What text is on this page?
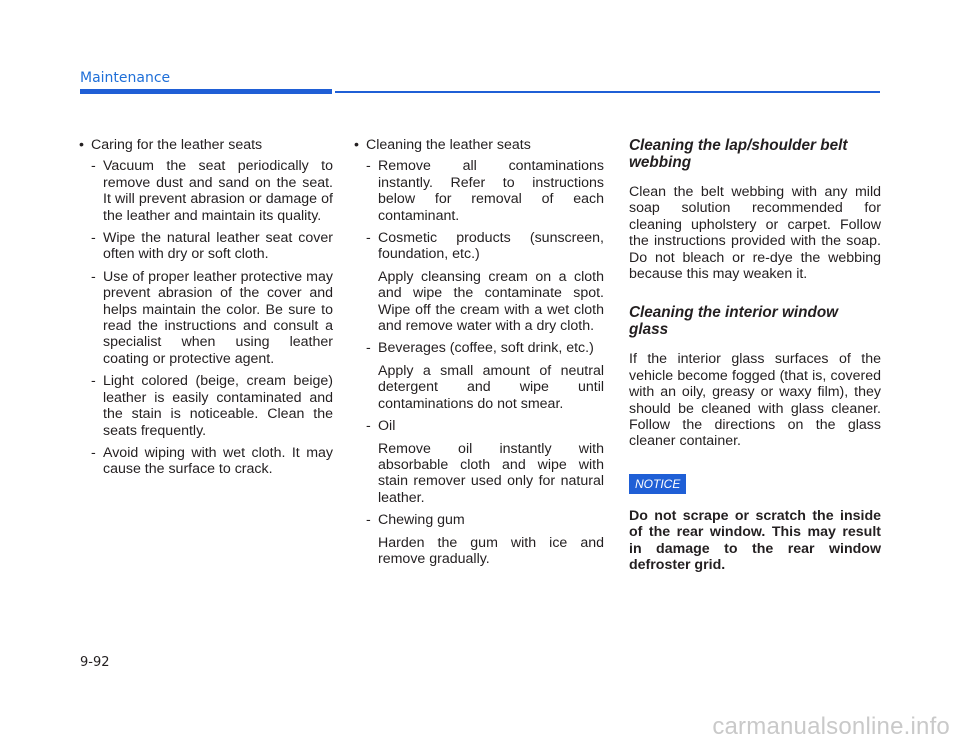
Maintenance
• Caring for the leather seats
- Vacuum the seat periodically to remove dust and sand on the seat. It will prevent abrasion or damage of the leather and maintain its quality.
- Wipe the natural leather seat cover often with dry or soft cloth.
- Use of proper leather protective may prevent abrasion of the cover and helps maintain the color. Be sure to read the instructions and consult a specialist when using leather coating or protective agent.
- Light colored (beige, cream beige) leather is easily contaminated and the stain is noticeable. Clean the seats frequently.
- Avoid wiping with wet cloth. It may cause the surface to crack.
• Cleaning the leather seats
- Remove all contaminations instantly. Refer to instructions below for removal of each contaminant.
- Cosmetic products (sunscreen, foundation, etc.)
Apply cleansing cream on a cloth and wipe the contaminate spot. Wipe off the cream with a wet cloth and remove water with a dry cloth.
- Beverages (coffee, soft drink, etc.)
Apply a small amount of neutral detergent and wipe until contaminations do not smear.
- Oil
Remove oil instantly with absorbable cloth and wipe with stain remover used only for natural leather.
- Chewing gum
Harden the gum with ice and remove gradually.
Cleaning the lap/shoulder belt webbing

Clean the belt webbing with any mild soap solution recommended for cleaning upholstery or carpet. Follow the instructions provided with the soap. Do not bleach or re-dye the webbing because this may weaken it.

Cleaning the interior window glass

If the interior glass surfaces of the vehicle become fogged (that is, covered with an oily, greasy or waxy film), they should be cleaned with glass cleaner. Follow the directions on the glass cleaner container.

NOTICE

Do not scrape or scratch the inside of the rear window. This may result in damage to the rear window defroster grid.

9-92
carmanualsonline.info
